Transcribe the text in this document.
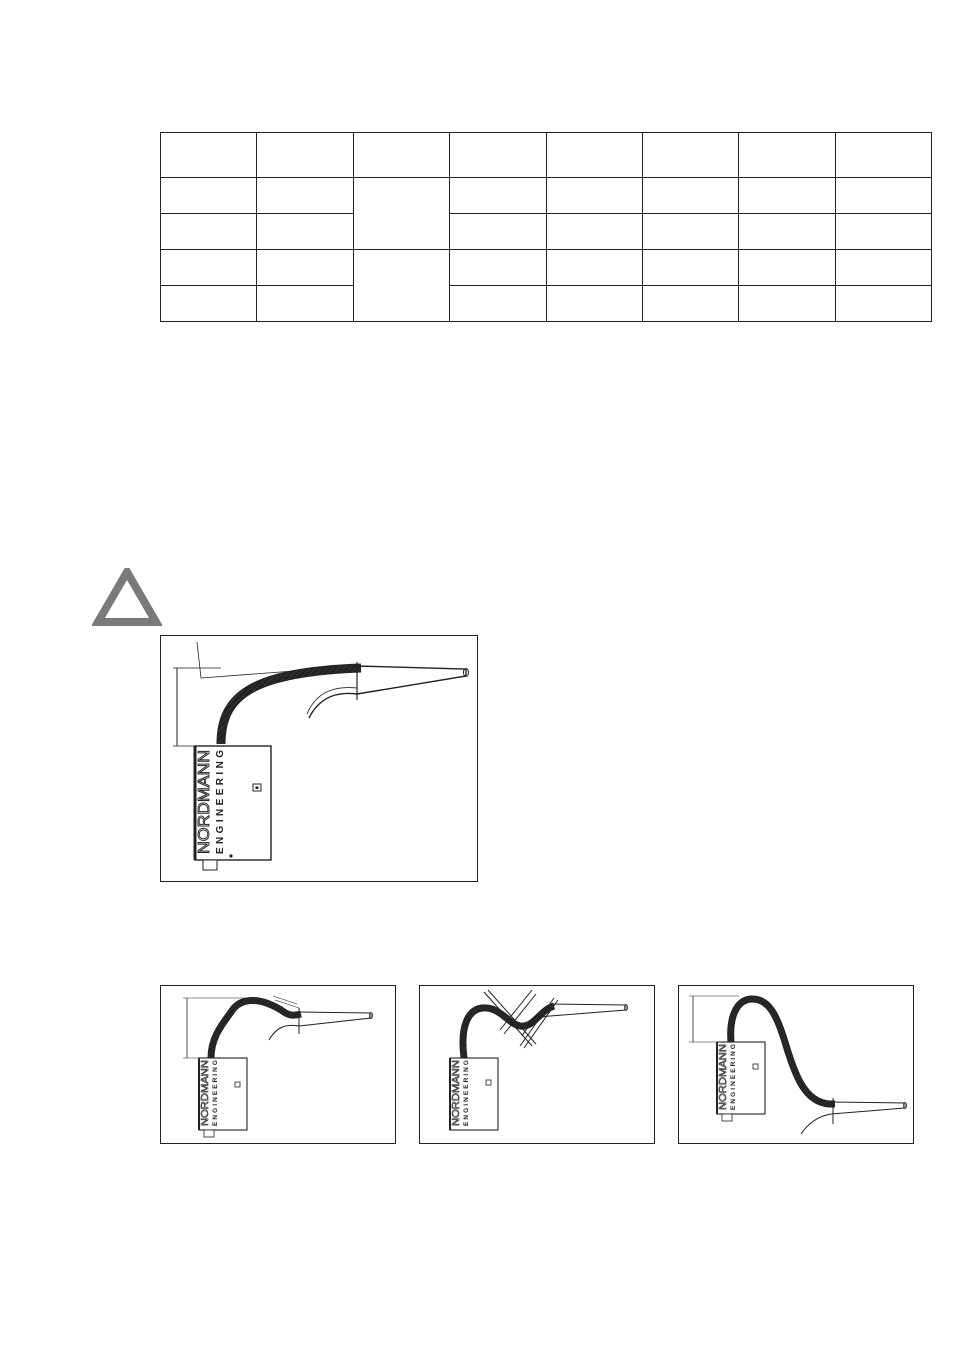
NORDMANN ENGINEERING
NORDMANN ENGINEERING
NORDMANN ENGINEERING	NORDMANN ENGINEERING
